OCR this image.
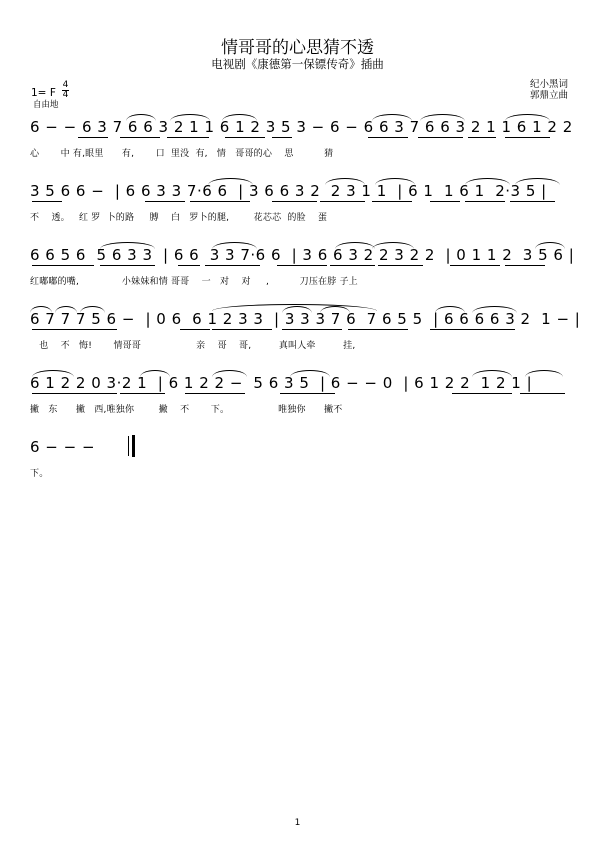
情哥哥的心思猜不透
电视剧《康德第一保镖传奇》插曲
纪小黑词
郭鼎立曲
1= F
4
4
自由地
6 − − 6 3 7 6 6 3 2 1 1 6 1 2 3 5 3 − 6 − 6 6 3 7 6 6 3 2 1 1 6 1 2 2
心       中 有,眼里      有,       口  里没  有,   情   哥哥的心    思          猜
3 5 6 6 −  | 6 6 3 3 7·6 6  | 3 6 6 3 2  2 3 1 1  | 6 1  1 6 1  2·3 5 |
不    透。   红 罗  卜的路     膊    白   罗卜的腿,        花芯芯  的脸    蛋
6 6 5 6  5 6 3 3  | 6 6  3 3 7·6 6  | 3 6 6 3 2 2 3 2 2  | 0 1 1 2  3 5 6 |
红嘟嘟的嘴,              小妹妹和情 哥哥    一   对    对     ,          刀压在脖 子上
6 7 7 7 5 6 −  | 0 6  6 1 2 3 3  | 3 3 3 7 6  7 6 5 5  | 6 6 6 6 3 2  1 − |
也    不   悔!       情哥哥                  亲    哥    哥,         真叫人牵         挂,
6 1 2 2 0 3·2 1  | 6 1 2 2 −  5 6 3 5  | 6 − − 0  | 6 1 2 2  1 2 1 |
撇   东      撇   西,唯独你        撇    不       下。                唯独你      撇不
6 − − −
下。
1
